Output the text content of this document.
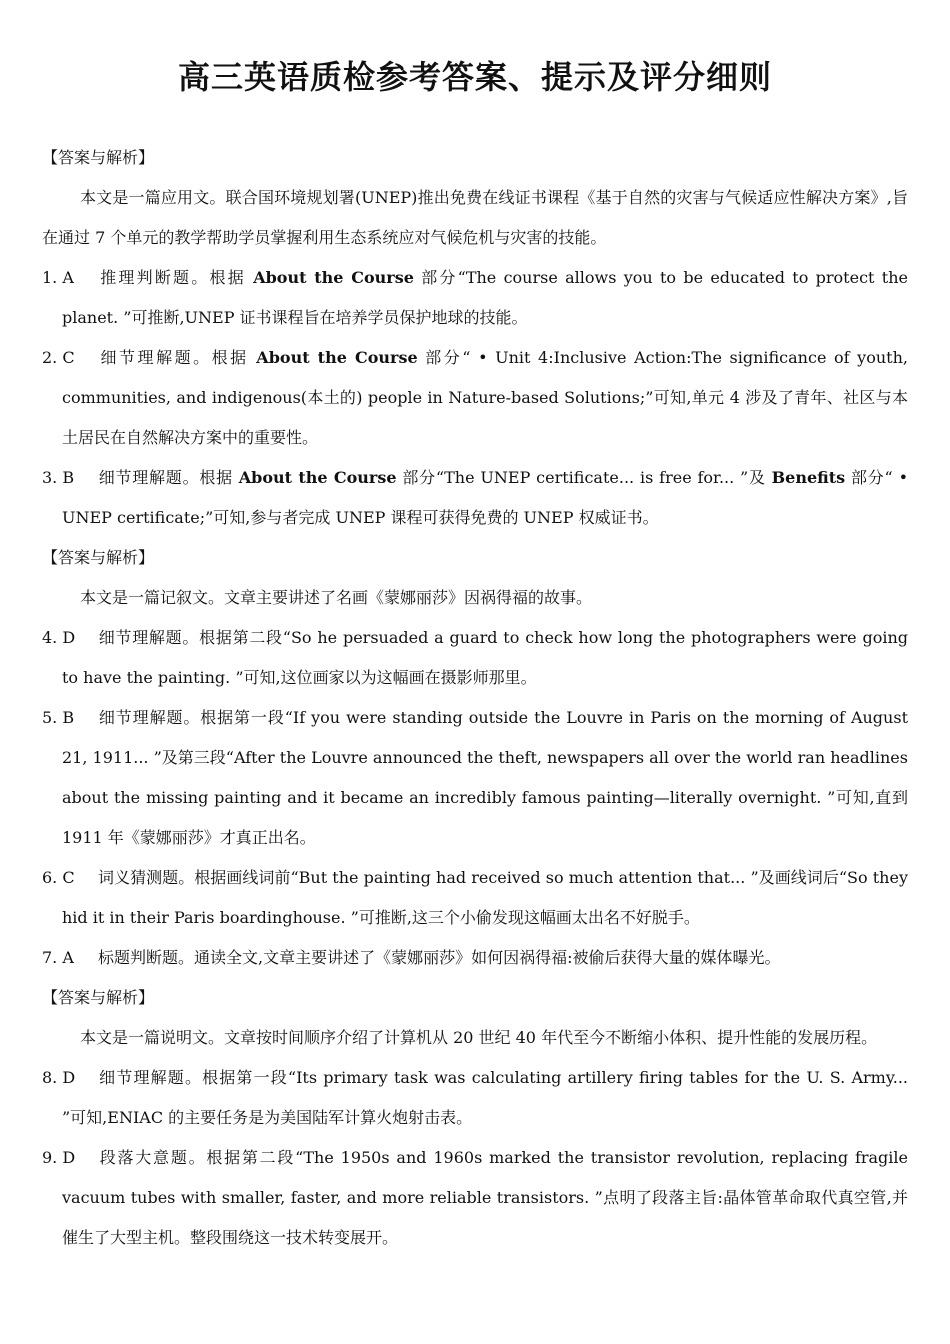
高三英语质检参考答案、提示及评分细则

【答案与解析】

本文是一篇应用文。联合国环境规划署(UNEP)推出免费在线证书课程《基于自然的灾害与气候适应性解决方案》,旨在通过 7 个单元的教学帮助学员掌握利用生态系统应对气候危机与灾害的技能。

1. A 推理判断题。根据 About the Course 部分“The course allows you to be educated to protect the planet. ”可推断,UNEP 证书课程旨在培养学员保护地球的技能。

2. C 细节理解题。根据 About the Course 部分“ • Unit 4:Inclusive Action:The significance of youth, communities, and indigenous(本土的) people in Nature-based Solutions;”可知,单元 4 涉及了青年、社区与本土居民在自然解决方案中的重要性。

3. B 细节理解题。根据 About the Course 部分“The UNEP certificate... is free for... ”及 Benefits 部分“ • UNEP certificate;”可知,参与者完成 UNEP 课程可获得免费的 UNEP 权威证书。

【答案与解析】

本文是一篇记叙文。文章主要讲述了名画《蒙娜丽莎》因祸得福的故事。

4. D 细节理解题。根据第二段“So he persuaded a guard to check how long the photographers were going to have the painting. ”可知,这位画家以为这幅画在摄影师那里。

5. B 细节理解题。根据第一段“If you were standing outside the Louvre in Paris on the morning of August 21, 1911... ”及第三段“After the Louvre announced the theft, newspapers all over the world ran headlines about the missing painting and it became an incredibly famous painting—literally overnight. ”可知,直到 1911 年《蒙娜丽莎》才真正出名。

6. C 词义猜测题。根据画线词前“But the painting had received so much attention that... ”及画线词后“So they hid it in their Paris boardinghouse. ”可推断,这三个小偷发现这幅画太出名不好脱手。

7. A 标题判断题。通读全文,文章主要讲述了《蒙娜丽莎》如何因祸得福:被偷后获得大量的媒体曝光。

【答案与解析】

本文是一篇说明文。文章按时间顺序介绍了计算机从 20 世纪 40 年代至今不断缩小体积、提升性能的发展历程。

8. D 细节理解题。根据第一段“Its primary task was calculating artillery firing tables for the U. S. Army... ”可知,ENIAC 的主要任务是为美国陆军计算火炮射击表。

9. D 段落大意题。根据第二段“The 1950s and 1960s marked the transistor revolution, replacing fragile vacuum tubes with smaller, faster, and more reliable transistors. ”点明了段落主旨:晶体管革命取代真空管,并催生了大型主机。整段围绕这一技术转变展开。
